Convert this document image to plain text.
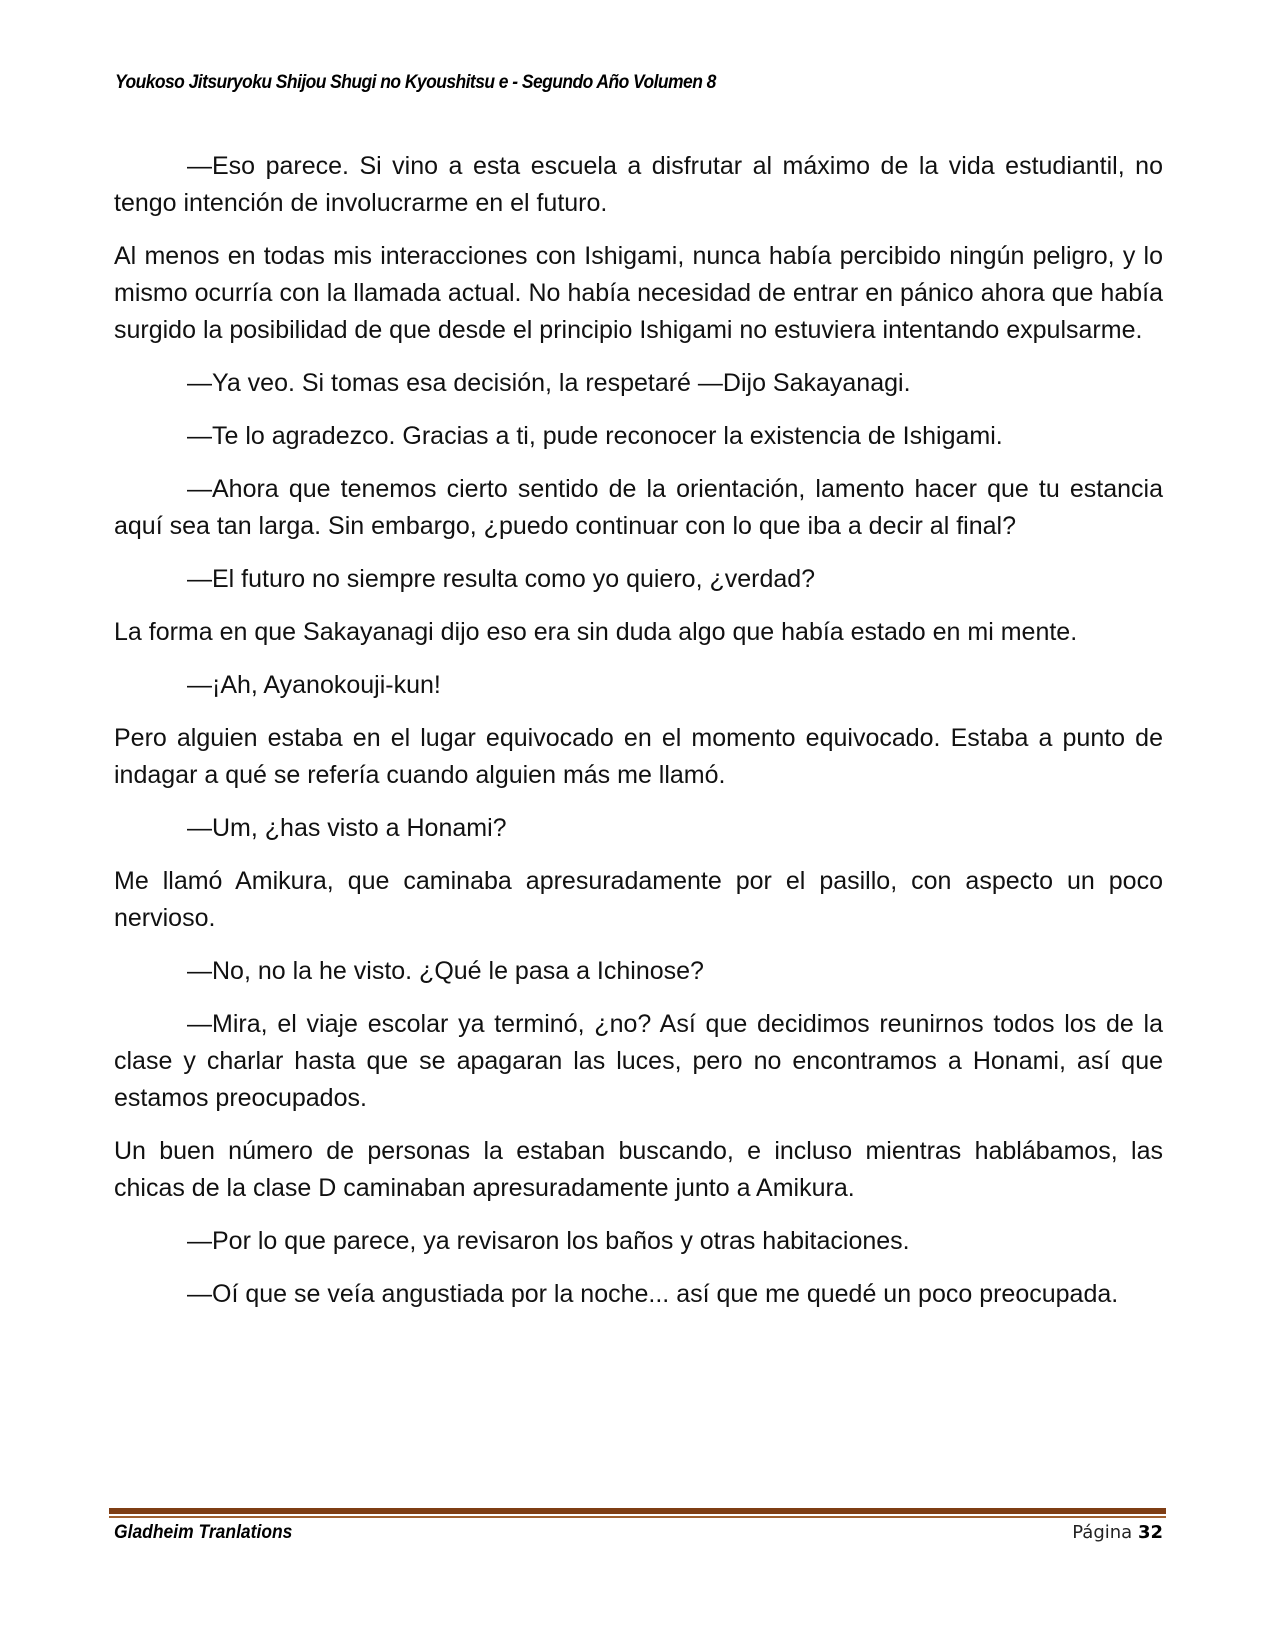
Youkoso Jitsuryoku Shijou Shugi no Kyoushitsu e - Segundo Año Volumen 8

—Eso parece. Si vino a esta escuela a disfrutar al máximo de la vida estudiantil, no tengo intención de involucrarme en el futuro.

Al menos en todas mis interacciones con Ishigami, nunca había percibido ningún peligro, y lo mismo ocurría con la llamada actual. No había necesidad de entrar en pánico ahora que había surgido la posibilidad de que desde el principio Ishigami no estuviera intentando expulsarme.

—Ya veo. Si tomas esa decisión, la respetaré —Dijo Sakayanagi.

—Te lo agradezco. Gracias a ti, pude reconocer la existencia de Ishigami.

—Ahora que tenemos cierto sentido de la orientación, lamento hacer que tu estancia aquí sea tan larga. Sin embargo, ¿puedo continuar con lo que iba a decir al final?

—El futuro no siempre resulta como yo quiero, ¿verdad?

La forma en que Sakayanagi dijo eso era sin duda algo que había estado en mi mente.

—¡Ah, Ayanokouji-kun!

Pero alguien estaba en el lugar equivocado en el momento equivocado. Estaba a punto de indagar a qué se refería cuando alguien más me llamó.

—Um, ¿has visto a Honami?

Me llamó Amikura, que caminaba apresuradamente por el pasillo, con aspecto un poco nervioso.

—No, no la he visto. ¿Qué le pasa a Ichinose?

—Mira, el viaje escolar ya terminó, ¿no? Así que decidimos reunirnos todos los de la clase y charlar hasta que se apagaran las luces, pero no encontramos a Honami, así que estamos preocupados.

Un buen número de personas la estaban buscando, e incluso mientras hablábamos, las chicas de la clase D caminaban apresuradamente junto a Amikura.

—Por lo que parece, ya revisaron los baños y otras habitaciones.

—Oí que se veía angustiada por la noche... así que me quedé un poco preocupada.

Gladheim Tranlations	Página 32
